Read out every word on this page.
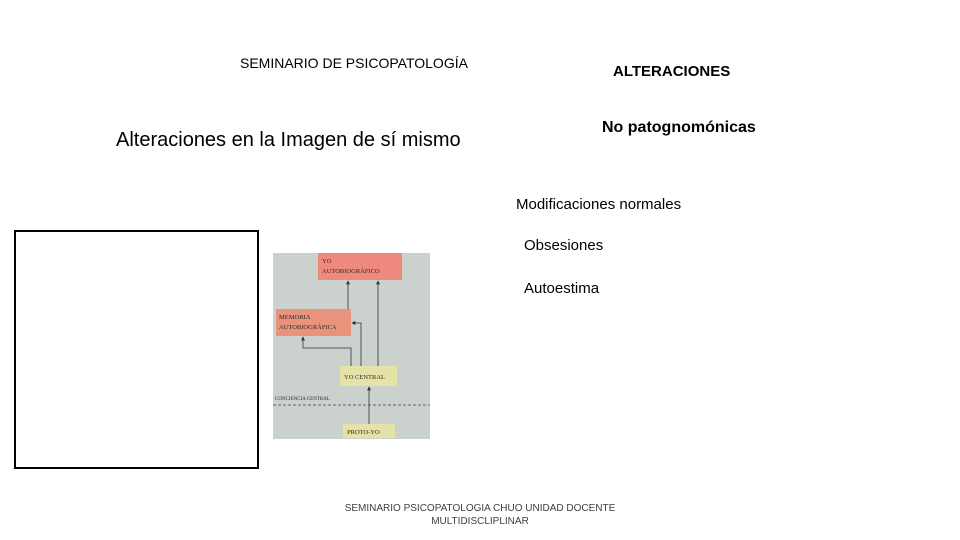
SEMINARIO DE PSICOPATOLOGÍA
Alteraciones en la Imagen de sí mismo
ALTERACIONES
No patognomónicas
Modificaciones normales
Obsesiones
Autoestima
YO
AUTOBIOGRÁFICO
MEMORIA
AUTOBIOGRÁFICA
YO CENTRAL
CONCIENCIA CENTRAL
PROTO-YO
SEMINARIO PSICOPATOLOGIA CHUO UNIDAD DOCENTE
MULTIDISCLIPLINAR
